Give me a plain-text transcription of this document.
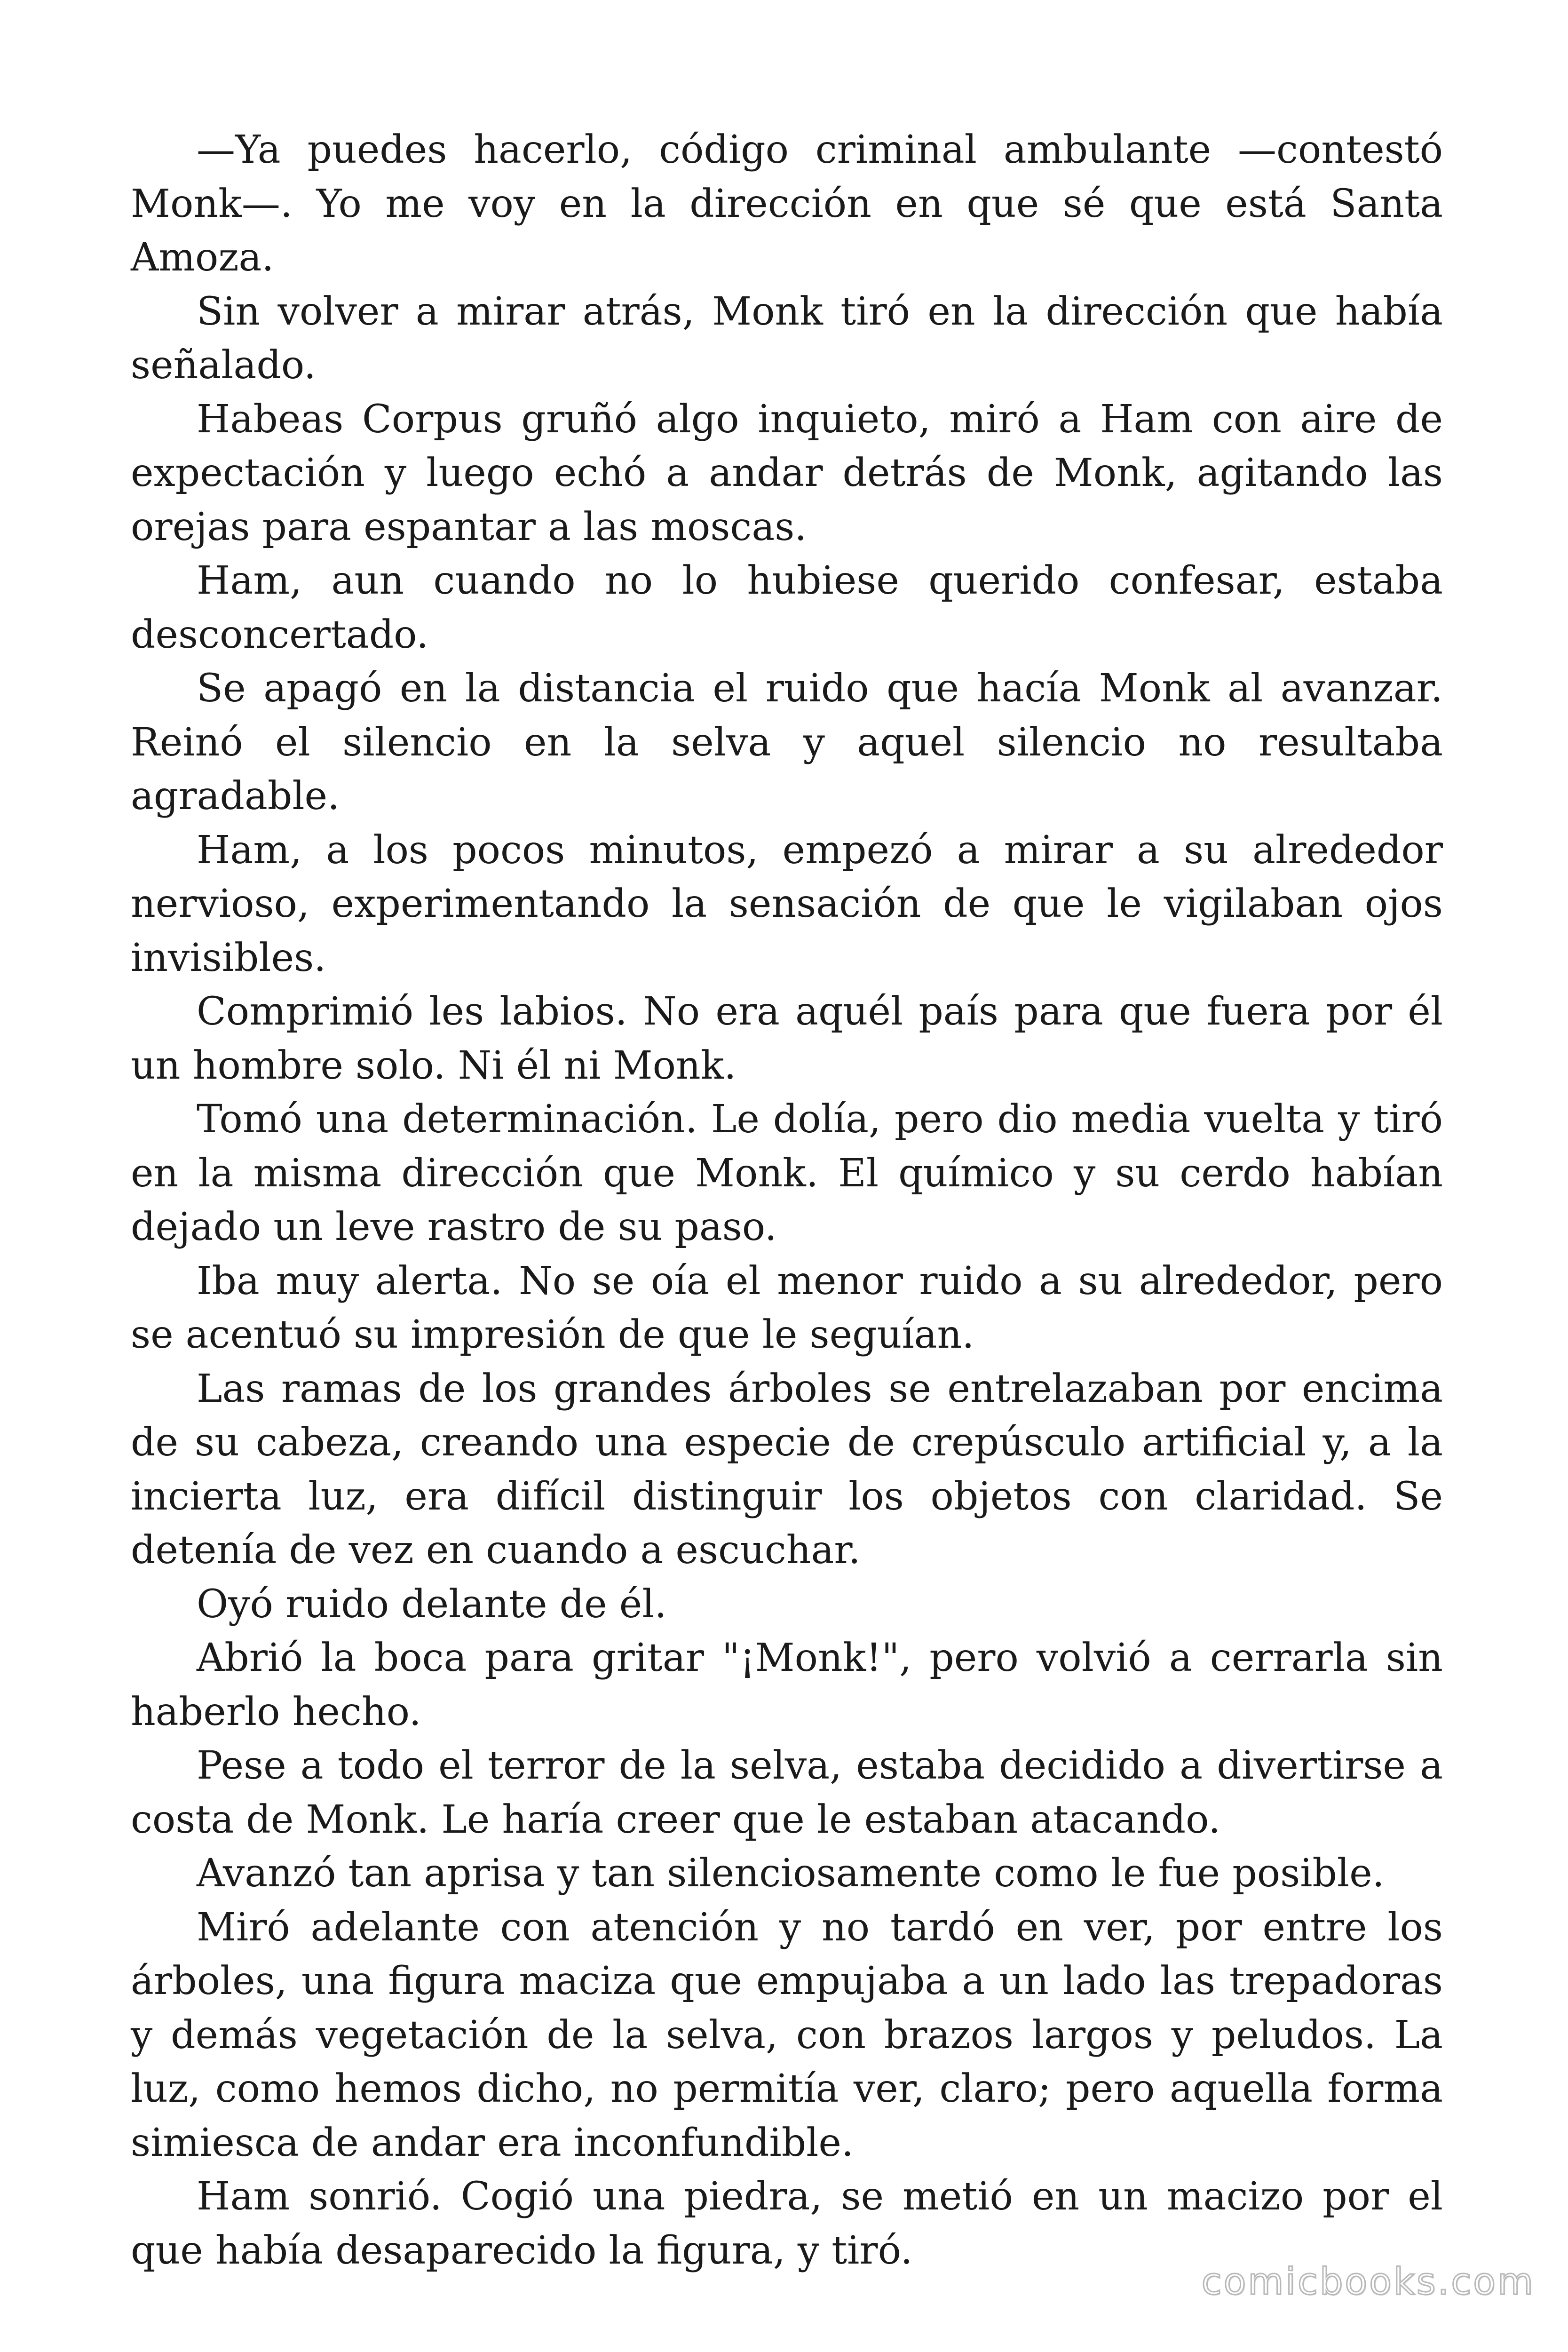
—Ya puedes hacerlo, código criminal ambulante —contestó Monk—. Yo me voy en la dirección en que sé que está Santa Amoza.

Sin volver a mirar atrás, Monk tiró en la dirección que había señalado.

Habeas Corpus gruñó algo inquieto, miró a Ham con aire de expectación y luego echó a andar detrás de Monk, agitando las orejas para espantar a las moscas.

Ham, aun cuando no lo hubiese querido confesar, estaba desconcertado.

Se apagó en la distancia el ruido que hacía Monk al avanzar. Reinó el silencio en la selva y aquel silencio no resultaba agradable.

Ham, a los pocos minutos, empezó a mirar a su alrededor nervioso, experimentando la sensación de que le vigilaban ojos invisibles.

Comprimió les labios. No era aquél país para que fuera por él un hombre solo. Ni él ni Monk.

Tomó una determinación. Le dolía, pero dio media vuelta y tiró en la misma dirección que Monk. El químico y su cerdo habían dejado un leve rastro de su paso.

Iba muy alerta. No se oía el menor ruido a su alrededor, pero se acentuó su impresión de que le seguían.

Las ramas de los grandes árboles se entrelazaban por encima de su cabeza, creando una especie de crepúsculo artificial y, a la incierta luz, era difícil distinguir los objetos con claridad. Se detenía de vez en cuando a escuchar.

Oyó ruido delante de él.

Abrió la boca para gritar "¡Monk!", pero volvió a cerrarla sin haberlo hecho.

Pese a todo el terror de la selva, estaba decidido a divertirse a costa de Monk. Le haría creer que le estaban atacando.

Avanzó tan aprisa y tan silenciosamente como le fue posible.

Miró adelante con atención y no tardó en ver, por entre los árboles, una figura maciza que empujaba a un lado las trepadoras y demás vegetación de la selva, con brazos largos y peludos. La luz, como hemos dicho, no permitía ver, claro; pero aquella forma simiesca de andar era inconfundible.

Ham sonrió. Cogió una piedra, se metió en un macizo por el que había desaparecido la figura, y tiró.

comicbooks.com
